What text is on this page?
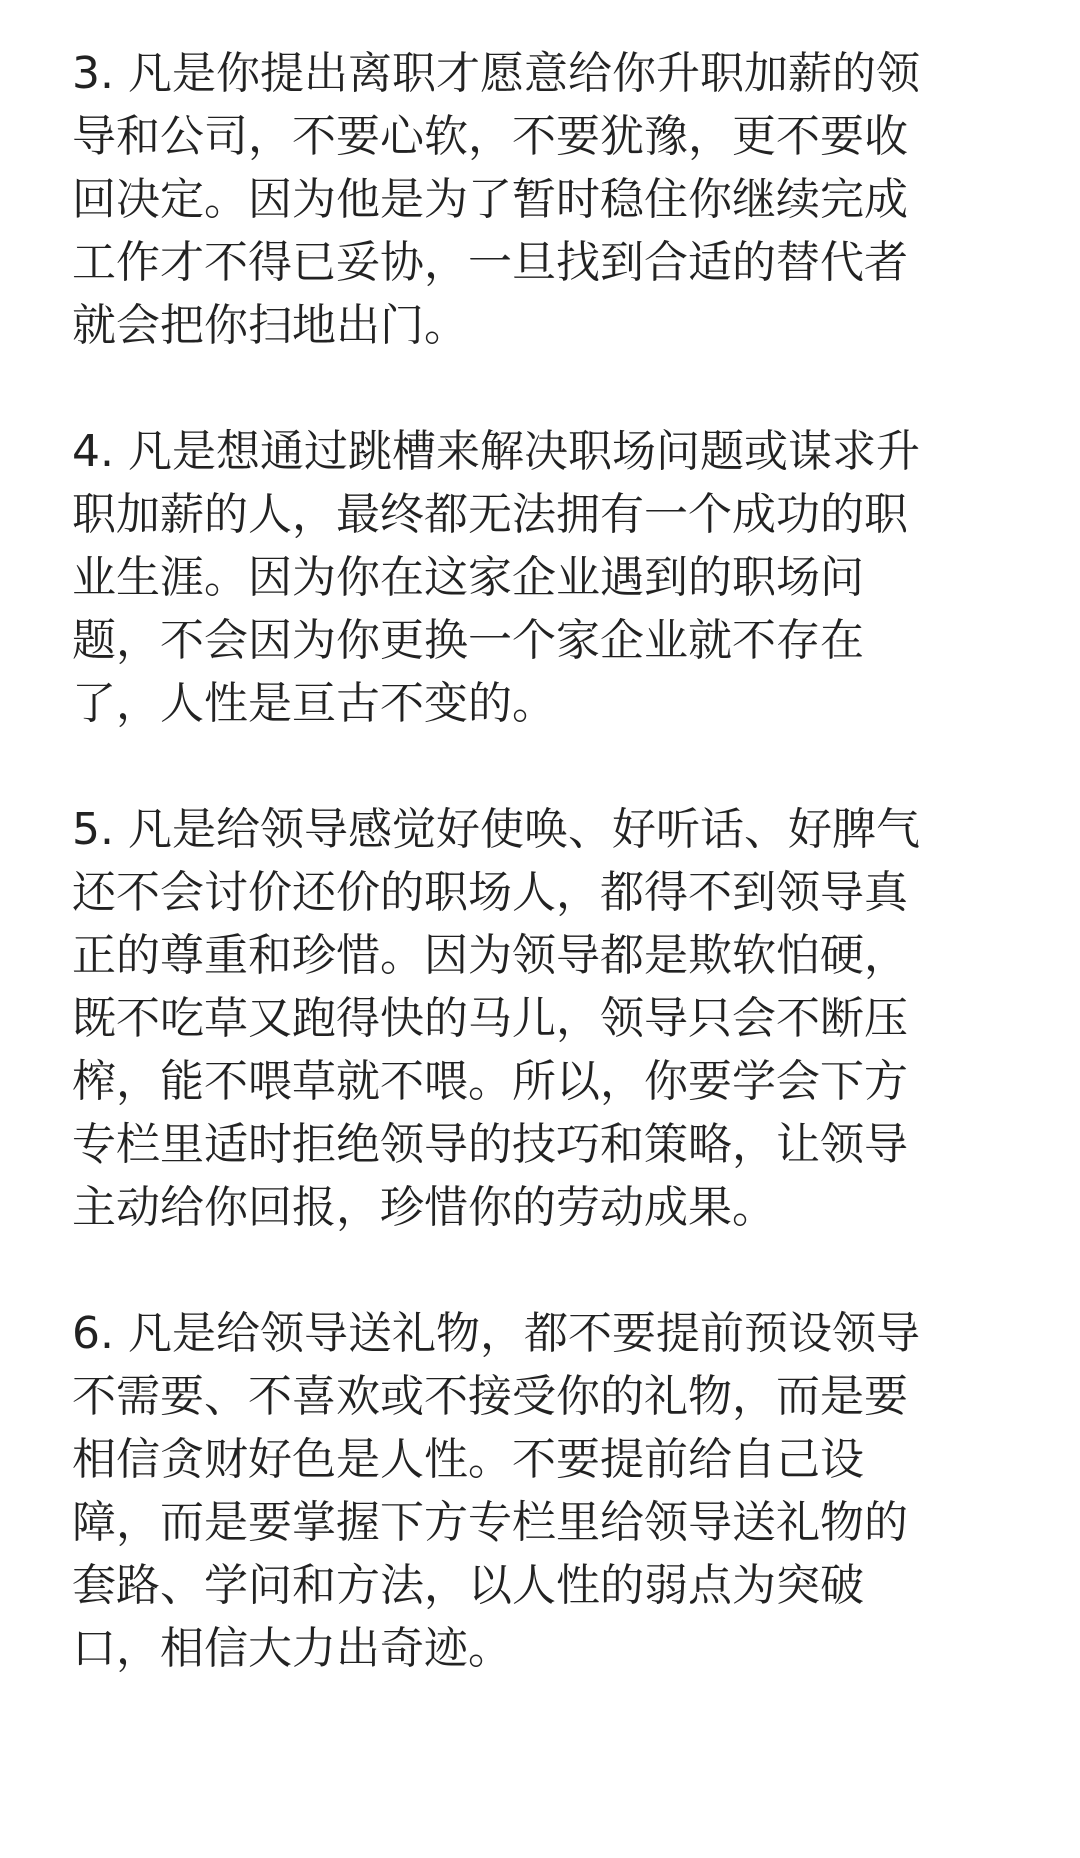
3. 凡是你提出离职才愿意给你升职加薪的领
导和公司，不要心软，不要犹豫，更不要收
回决定。因为他是为了暂时稳住你继续完成
工作才不得已妥协，一旦找到合适的替代者
就会把你扫地出门。

4. 凡是想通过跳槽来解决职场问题或谋求升
职加薪的人，最终都无法拥有一个成功的职
业生涯。因为你在这家企业遇到的职场问
题，不会因为你更换一个家企业就不存在
了，人性是亘古不变的。

5. 凡是给领导感觉好使唤、好听话、好脾气
还不会讨价还价的职场人，都得不到领导真
正的尊重和珍惜。因为领导都是欺软怕硬，
既不吃草又跑得快的马儿，领导只会不断压
榨，能不喂草就不喂。所以，你要学会下方
专栏里适时拒绝领导的技巧和策略，让领导
主动给你回报，珍惜你的劳动成果。

6. 凡是给领导送礼物，都不要提前预设领导
不需要、不喜欢或不接受你的礼物，而是要
相信贪财好色是人性。不要提前给自己设
障，而是要掌握下方专栏里给领导送礼物的
套路、学问和方法，以人性的弱点为突破
口，相信大力出奇迹。
